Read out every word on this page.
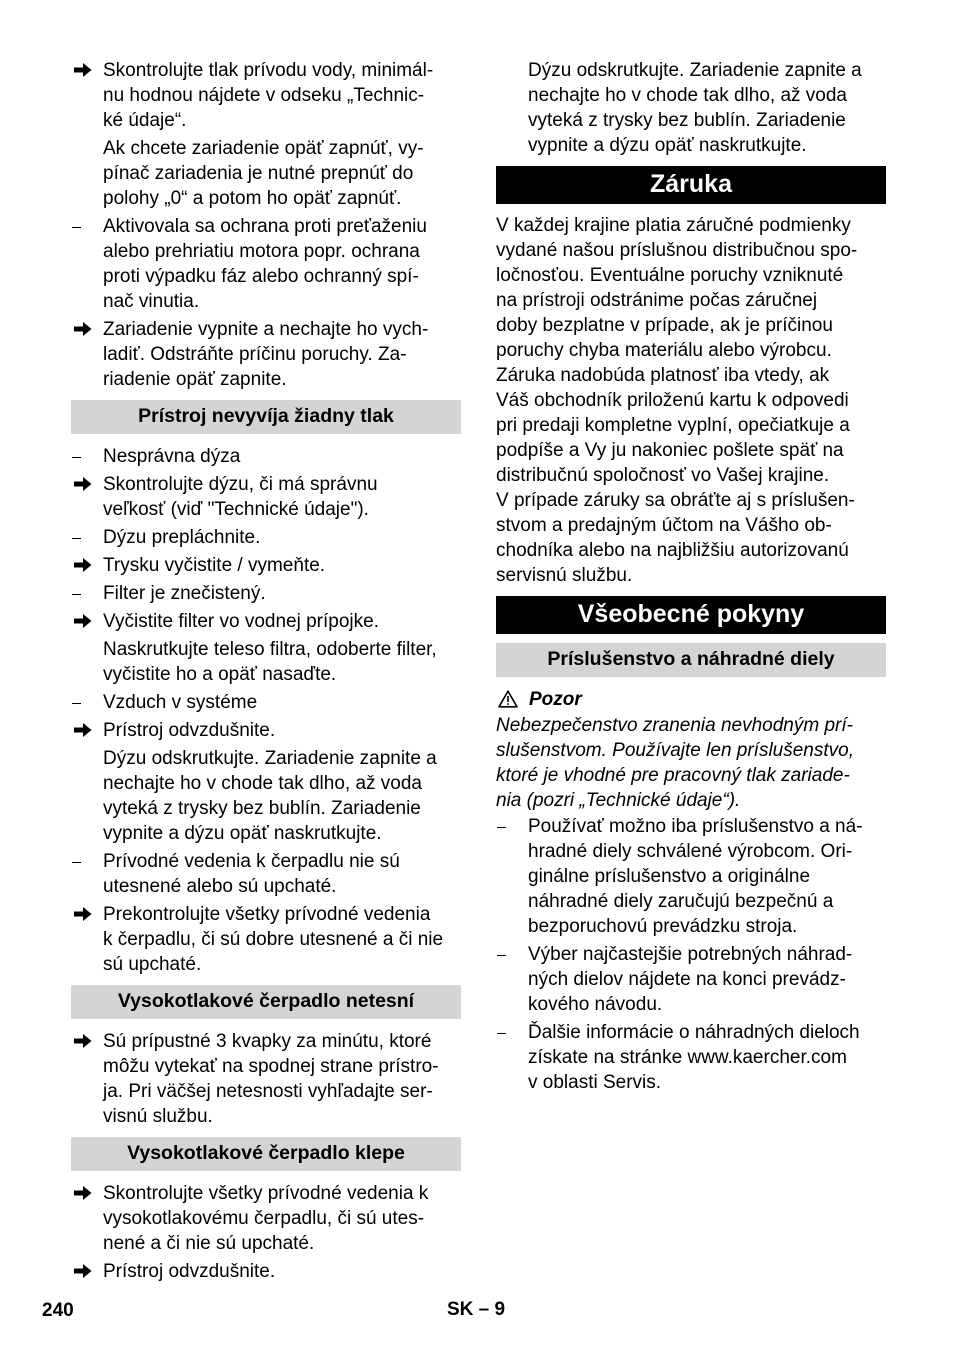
Skontrolujte tlak prívodu vody, minimál-
nu hodnou nájdete v odseku „Technic-
ké údaje“.
Ak chcete zariadenie opäť zapnúť, vy-
pínač zariadenia je nutné prepnúť do
polohy „0“ a potom ho opäť zapnúť.
Aktivovala sa ochrana proti preťaženiu
alebo prehriatiu motora popr. ochrana
proti výpadku fáz alebo ochranný spí-
nač vinutia.
Zariadenie vypnite a nechajte ho vych-
ladiť. Odstráňte príčinu poruchy. Za-
riadenie opäť zapnite.
Prístroj nevyvíja žiadny tlak
Nesprávna dýza
Skontrolujte dýzu, či má správnu
veľkosť (viď "Technické údaje").
Dýzu prepláchnite.
Trysku vyčistite / vymeňte.
Filter je znečistený.
Vyčistite filter vo vodnej prípojke.
Naskrutkujte teleso filtra, odoberte filter,
vyčistite ho a opäť nasaďte.
Vzduch v systéme
Prístroj odvzdušnite.
Dýzu odskrutkujte. Zariadenie zapnite a
nechajte ho v chode tak dlho, až voda
vyteká z trysky bez bublín. Zariadenie
vypnite a dýzu opäť naskrutkujte.
Prívodné vedenia k čerpadlu nie sú
utesnené alebo sú upchaté.
Prekontrolujte všetky prívodné vedenia
k čerpadlu, či sú dobre utesnené a či nie
sú upchaté.
Vysokotlakové čerpadlo netesní
Sú prípustné 3 kvapky za minútu, ktoré
môžu vytekať na spodnej strane prístro-
ja. Pri väčšej netesnosti vyhľadajte ser-
visnú službu.
Vysokotlakové čerpadlo klepe
Skontrolujte všetky prívodné vedenia k
vysokotlakovému čerpadlu, či sú utes-
nené a či nie sú upchaté.
Prístroj odvzdušnite.
Dýzu odskrutkujte. Zariadenie zapnite a
nechajte ho v chode tak dlho, až voda
vyteká z trysky bez bublín. Zariadenie
vypnite a dýzu opäť naskrutkujte.
Záruka
V každej krajine platia záručné podmienky
vydané našou príslušnou distribučnou spo-
ločnosťou. Eventuálne poruchy vzniknuté
na prístroji odstránime počas záručnej
doby bezplatne v prípade, ak je príčinou
poruchy chyba materiálu alebo výrobcu.
Záruka nadobúda platnosť iba vtedy, ak
Váš obchodník priloženú kartu k odpovedi
pri predaji kompletne vyplní, opečiatkuje a
podpíše a Vy ju nakoniec pošlete späť na
distribučnú spoločnosť vo Vašej krajine.
V prípade záruky sa obráťte aj s príslušen-
stvom a predajným účtom na Vášho ob-
chodníka alebo na najbližšiu autorizovanú
servisnú službu.
Všeobecné pokyny
Príslušenstvo a náhradné diely
Pozor
Nebezpečenstvo zranenia nevhodným prí-
slušenstvom. Používajte len príslušenstvo,
ktoré je vhodné pre pracovný tlak zariade-
nia (pozri „Technické údaje“).
Používať možno iba príslušenstvo a ná-
hradné diely schválené výrobcom. Ori-
ginálne príslušenstvo a originálne
náhradné diely zaručujú bezpečnú a
bezporuchovú prevádzku stroja.
Výber najčastejšie potrebných náhrad-
ných dielov nájdete na konci prevádz-
kového návodu.
Ďalšie informácie o náhradných dieloch
získate na stránke www.kaercher.com
v oblasti Servis.
240	SK – 9
